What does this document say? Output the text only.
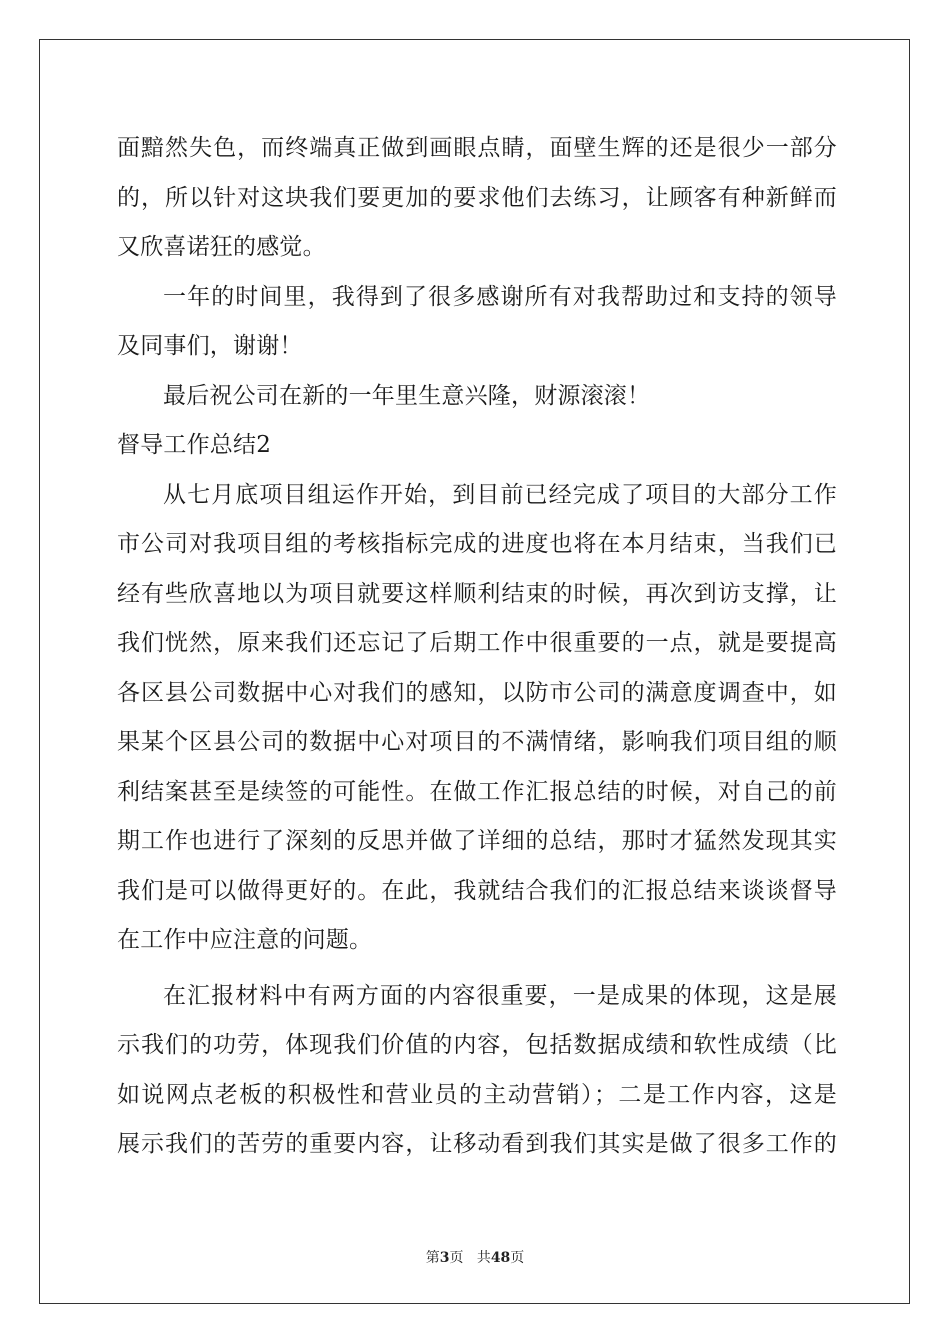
面黯然失色，而终端真正做到画眼点睛，面壁生辉的还是很少一部分
的，所以针对这块我们要更加的要求他们去练习，让顾客有种新鲜而
又欣喜诺狂的感觉。
一年的时间里，我得到了很多感谢所有对我帮助过和支持的领导
及同事们，谢谢！
最后祝公司在新的一年里生意兴隆，财源滚滚！
督导工作总结2
从七月底项目组运作开始，到目前已经完成了项目的大部分工作
市公司对我项目组的考核指标完成的进度也将在本月结束，当我们已
经有些欣喜地以为项目就要这样顺利结束的时候，再次到访支撑，让
我们恍然，原来我们还忘记了后期工作中很重要的一点，就是要提高
各区县公司数据中心对我们的感知，以防市公司的满意度调查中，如
果某个区县公司的数据中心对项目的不满情绪，影响我们项目组的顺
利结案甚至是续签的可能性。在做工作汇报总结的时候，对自己的前
期工作也进行了深刻的反思并做了详细的总结，那时才猛然发现其实
我们是可以做得更好的。在此，我就结合我们的汇报总结来谈谈督导
在工作中应注意的问题。
在汇报材料中有两方面的内容很重要，一是成果的体现，这是展
示我们的功劳，体现我们价值的内容，包括数据成绩和软性成绩（比
如说网点老板的积极性和营业员的主动营销）；二是工作内容，这是
展示我们的苦劳的重要内容，让移动看到我们其实是做了很多工作的
第3页 共48页
